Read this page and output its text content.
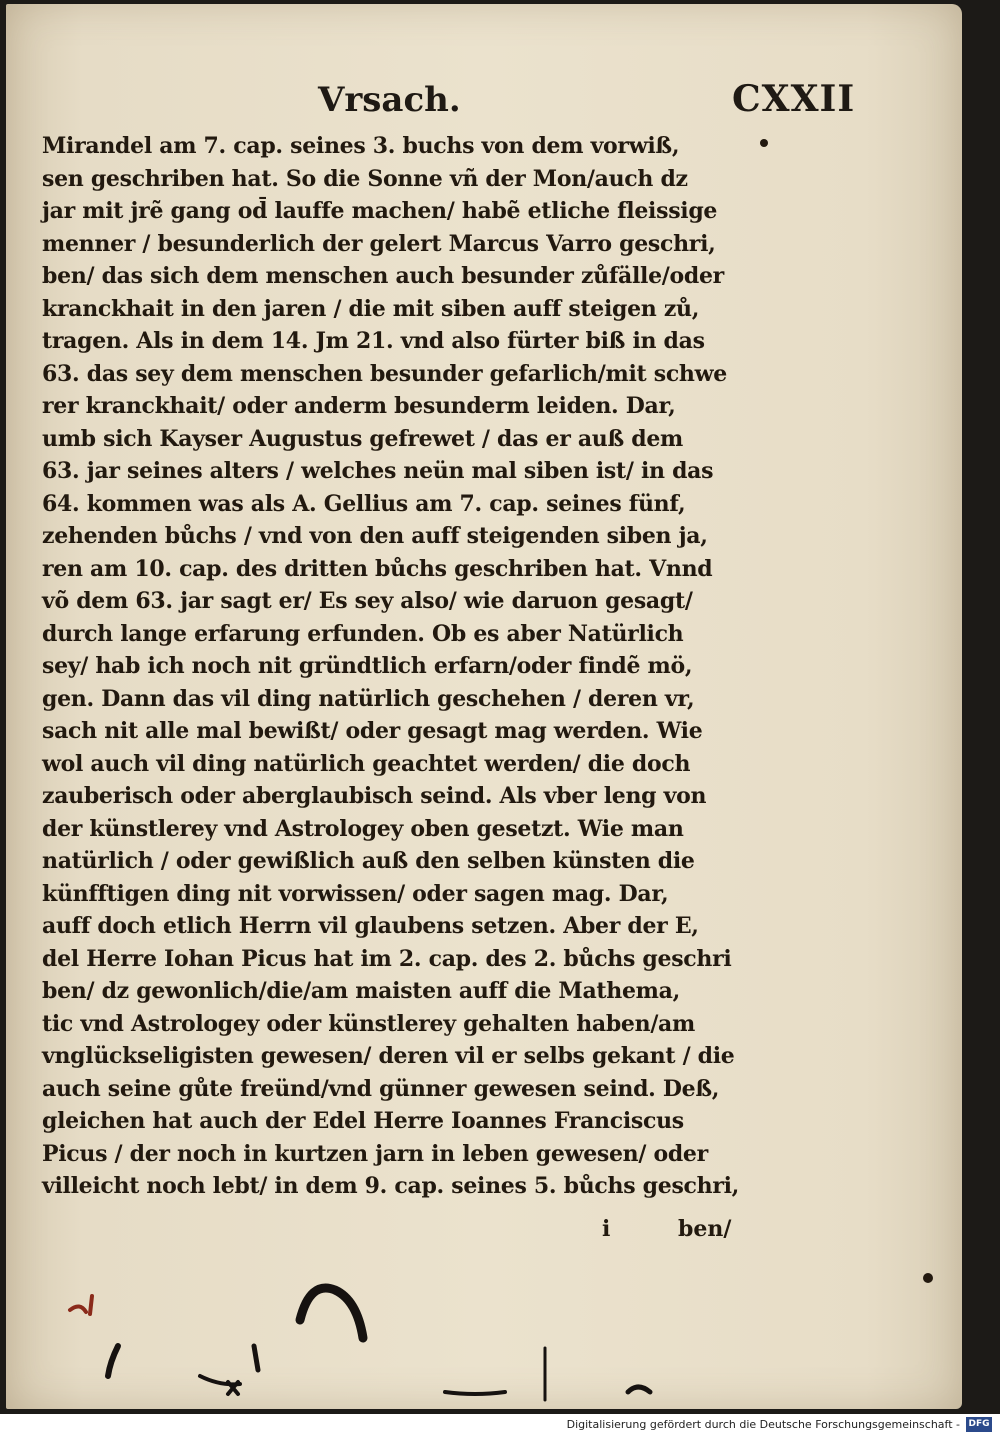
Vrsach.	CXXII
Mirandel am 7. cap. seines 3. buchs von dem vorwiß,
sen geschriben hat. So die Sonne vñ der Mon/auch dz
jar mit jrẽ gang od̄ lauffe machen/ habẽ etliche fleissige
menner / besunderlich der gelert Marcus Varro geschri,
ben/ das sich dem menschen auch besunder zůfälle/oder
kranckhait in den jaren / die mit siben auff steigen zů,
tragen. Als in dem 14. Jm 21. vnd also fürter biß in das
63. das sey dem menschen besunder gefarlich/mit schwe
rer kranckhait/ oder anderm besunderm leiden. Dar,
umb sich Kayser Augustus gefrewet / das er auß dem
63. jar seines alters / welches neün mal siben ist/ in das
64. kommen was als A. Gellius am 7. cap. seines fünf,
zehenden bůchs / vnd von den auff steigenden siben ja,
ren am 10. cap. des dritten bůchs geschriben hat. Vnnd
võ dem 63. jar sagt er/ Es sey also/ wie daruon gesagt/
durch lange erfarung erfunden. Ob es aber Natürlich
sey/ hab ich noch nit gründtlich erfarn/oder findẽ mö,
gen. Dann das vil ding natürlich geschehen / deren vr,
sach nit alle mal bewißt/ oder gesagt mag werden. Wie
wol auch vil ding natürlich geachtet werden/ die doch
zauberisch oder aberglaubisch seind. Als vber leng von
der künstlerey vnd Astrologey oben gesetzt. Wie man
natürlich / oder gewißlich auß den selben künsten die
künfftigen ding nit vorwissen/ oder sagen mag. Dar,
auff doch etlich Herrn vil glaubens setzen. Aber der E,
del Herre Iohan Picus hat im 2. cap. des 2. bůchs geschri
ben/ dz gewonlich/die/am maisten auff die Mathema,
tic vnd Astrologey oder künstlerey gehalten haben/am
vnglückseligisten gewesen/ deren vil er selbs gekant / die
auch seine gůte freünd/vnd günner gewesen seind. Deß,
gleichen hat auch der Edel Herre Ioannes Franciscus
Picus / der noch in kurtzen jarn in leben gewesen/ oder
villeicht noch lebt/ in dem 9. cap. seines 5. bůchs geschri,
i	ben/
Digitalisierung gefördert durch die Deutsche Forschungsgemeinschaft - DFG
